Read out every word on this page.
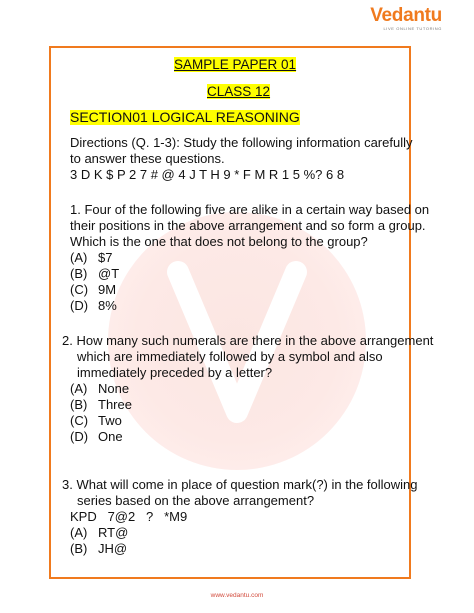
Vedantu
LIVE ONLINE TUTORING
SAMPLE PAPER 01
CLASS 12
SECTION01 LOGICAL REASONING
Directions (Q. 1-3): Study the following information carefully
to answer these questions.
3 D K $ P 2 7 # @ 4 J T H 9 * F M R 1 5 %? 6 8
1. Four of the following five are alike in a certain way based on
their positions in the above arrangement and so form a group.
Which is the one that does not belong to the group?
(A) $7
(B) @T
(C) 9M
(D) 8%
2. How many such numerals are there in the above arrangement
which are immediately followed by a symbol and also
immediately preceded by a letter?
(A) None
(B) Three
(C) Two
(D) One
3. What will come in place of question mark(?) in the following
series based on the above arrangement?
KPD   7@2   ?   *M9
(A) RT@
(B) JH@
www.vedantu.com
